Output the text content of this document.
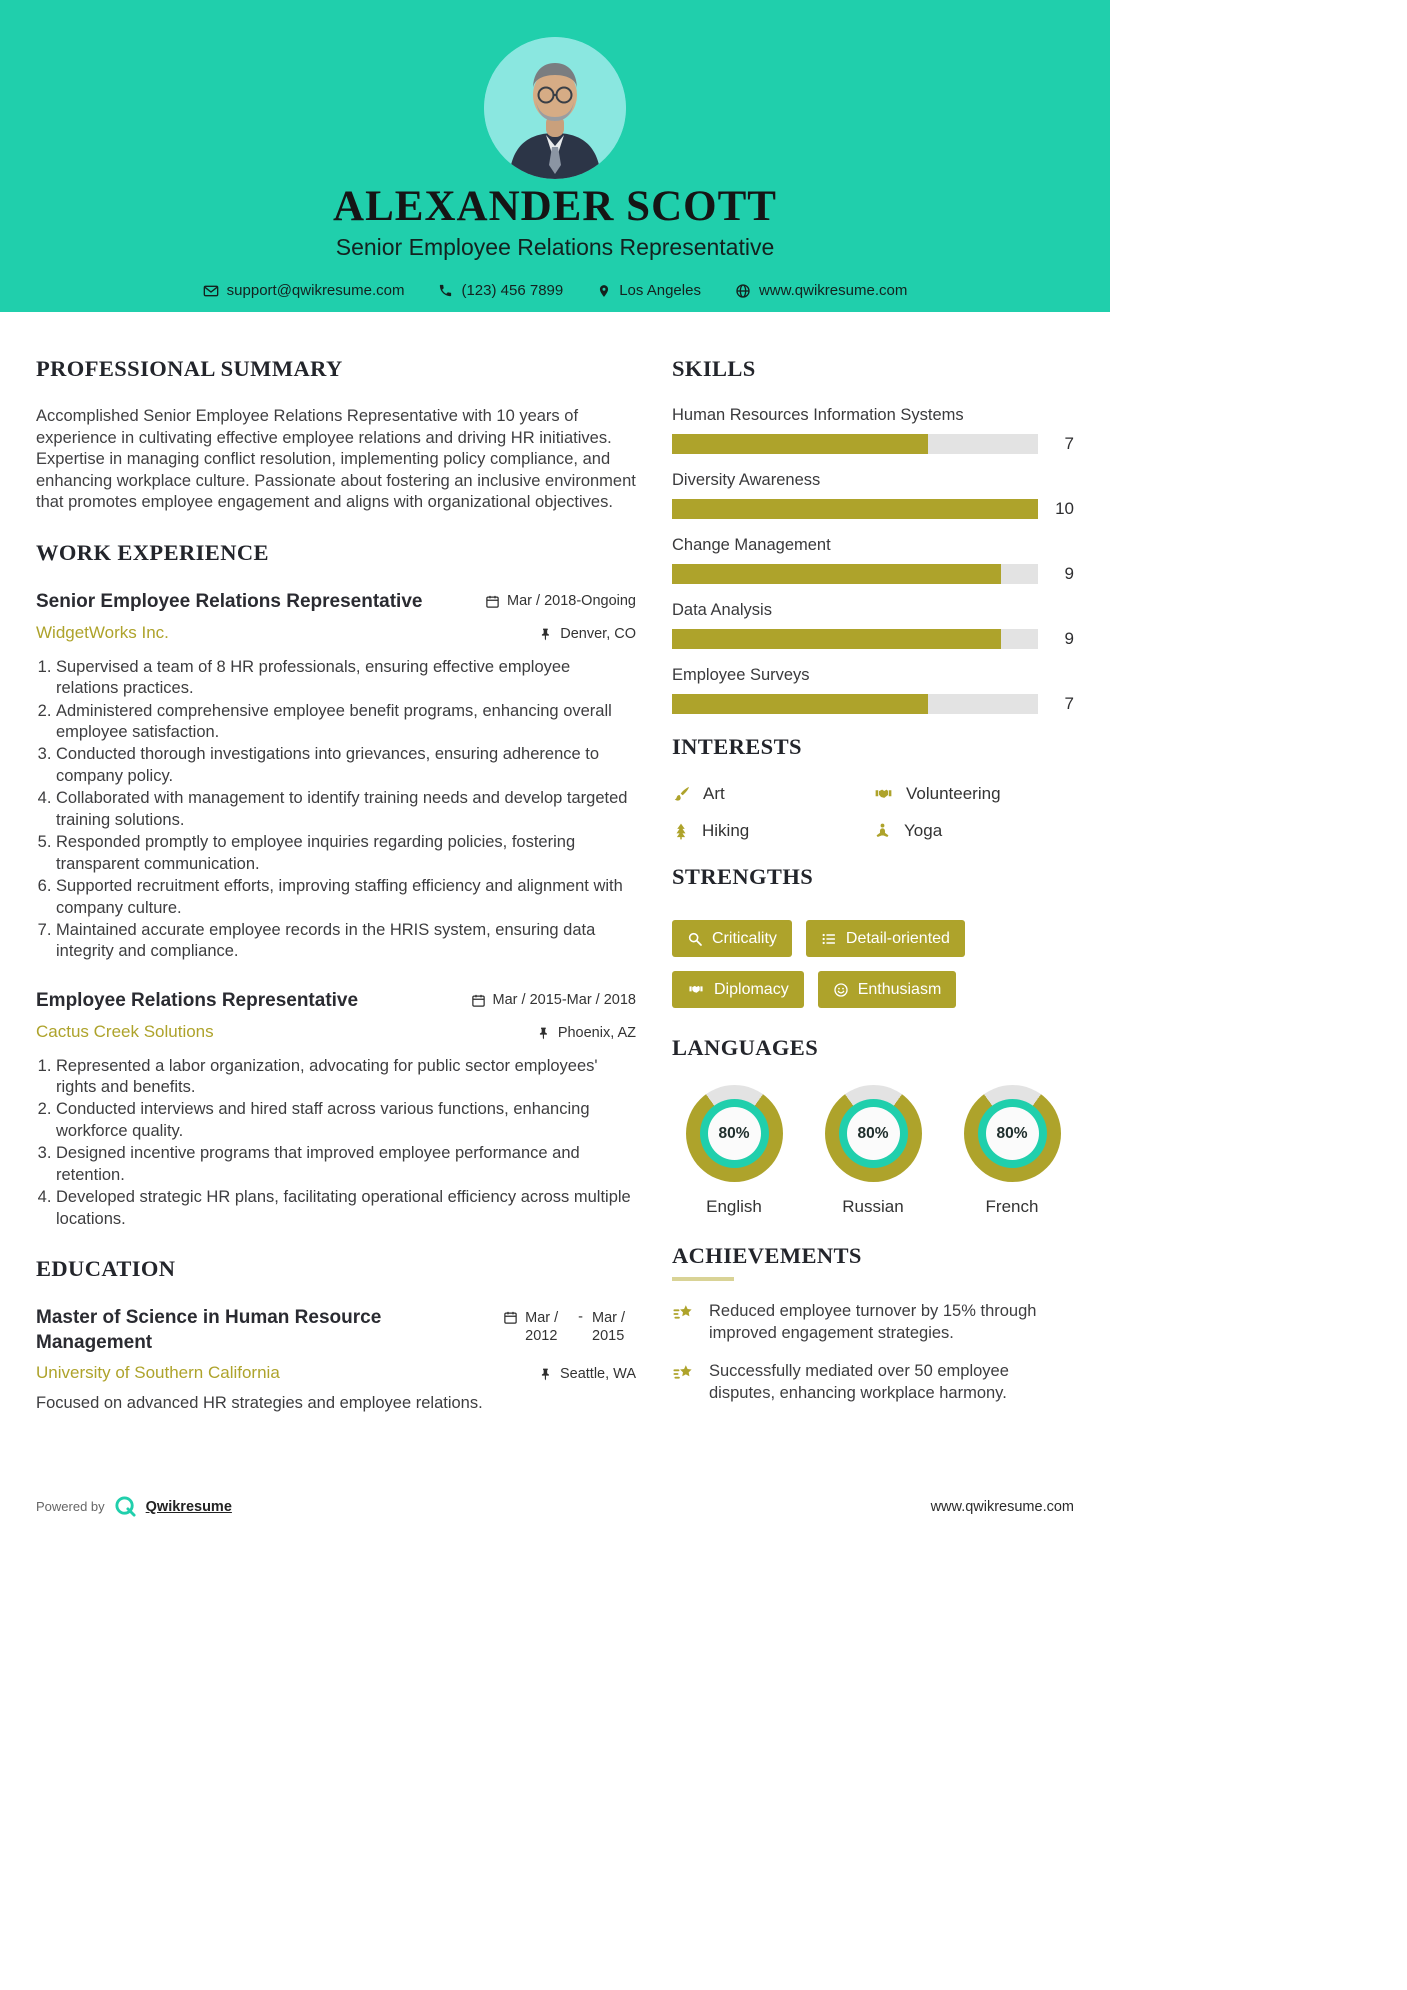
ALEXANDER SCOTT
Senior Employee Relations Representative
support@qwikresume.com	(123) 456 7899	Los Angeles	www.qwikresume.com
PROFESSIONAL SUMMARY

Accomplished Senior Employee Relations Representative with 10 years of experience in cultivating effective employee relations and driving HR initiatives. Expertise in managing conflict resolution, implementing policy compliance, and enhancing workplace culture. Passionate about fostering an inclusive environment that promotes employee engagement and aligns with organizational objectives.

WORK EXPERIENCE
Senior Employee Relations Representative	Mar / 2018-Ongoing
WidgetWorks Inc.	Denver, CO
1. Supervised a team of 8 HR professionals, ensuring effective employee relations practices.
2. Administered comprehensive employee benefit programs, enhancing overall employee satisfaction.
3. Conducted thorough investigations into grievances, ensuring adherence to company policy.
4. Collaborated with management to identify training needs and develop targeted training solutions.
5. Responded promptly to employee inquiries regarding policies, fostering transparent communication.
6. Supported recruitment efforts, improving staffing efficiency and alignment with company culture.
7. Maintained accurate employee records in the HRIS system, ensuring data integrity and compliance.
Employee Relations Representative	Mar / 2015-Mar / 2018
Cactus Creek Solutions	Phoenix, AZ
1. Represented a labor organization, advocating for public sector employees' rights and benefits.
2. Conducted interviews and hired staff across various functions, enhancing workforce quality.
3. Designed incentive programs that improved employee performance and retention.
4. Developed strategic HR plans, facilitating operational efficiency across multiple locations.
EDUCATION
Master of Science in Human Resource Management
Mar / 2012
- Mar / 2015
University of Southern California	Seattle, WA

Focused on advanced HR strategies and employee relations.

SKILLS
Human Resources Information Systems
7
Diversity Awareness
10
Change Management
9
Data Analysis
9
Employee Surveys
7
INTERESTS
Art	Volunteering
Hiking	Yoga
STRENGTHS
Criticality	Detail-oriented
Diplomacy	Enthusiasm
LANGUAGES
80%
English
80%
Russian
80%
French
ACHIEVEMENTS

Reduced employee turnover by 15% through improved engagement strategies.

Successfully mediated over 50 employee disputes, enhancing workplace harmony.

Powered by	Qwikresume	www.qwikresume.com
